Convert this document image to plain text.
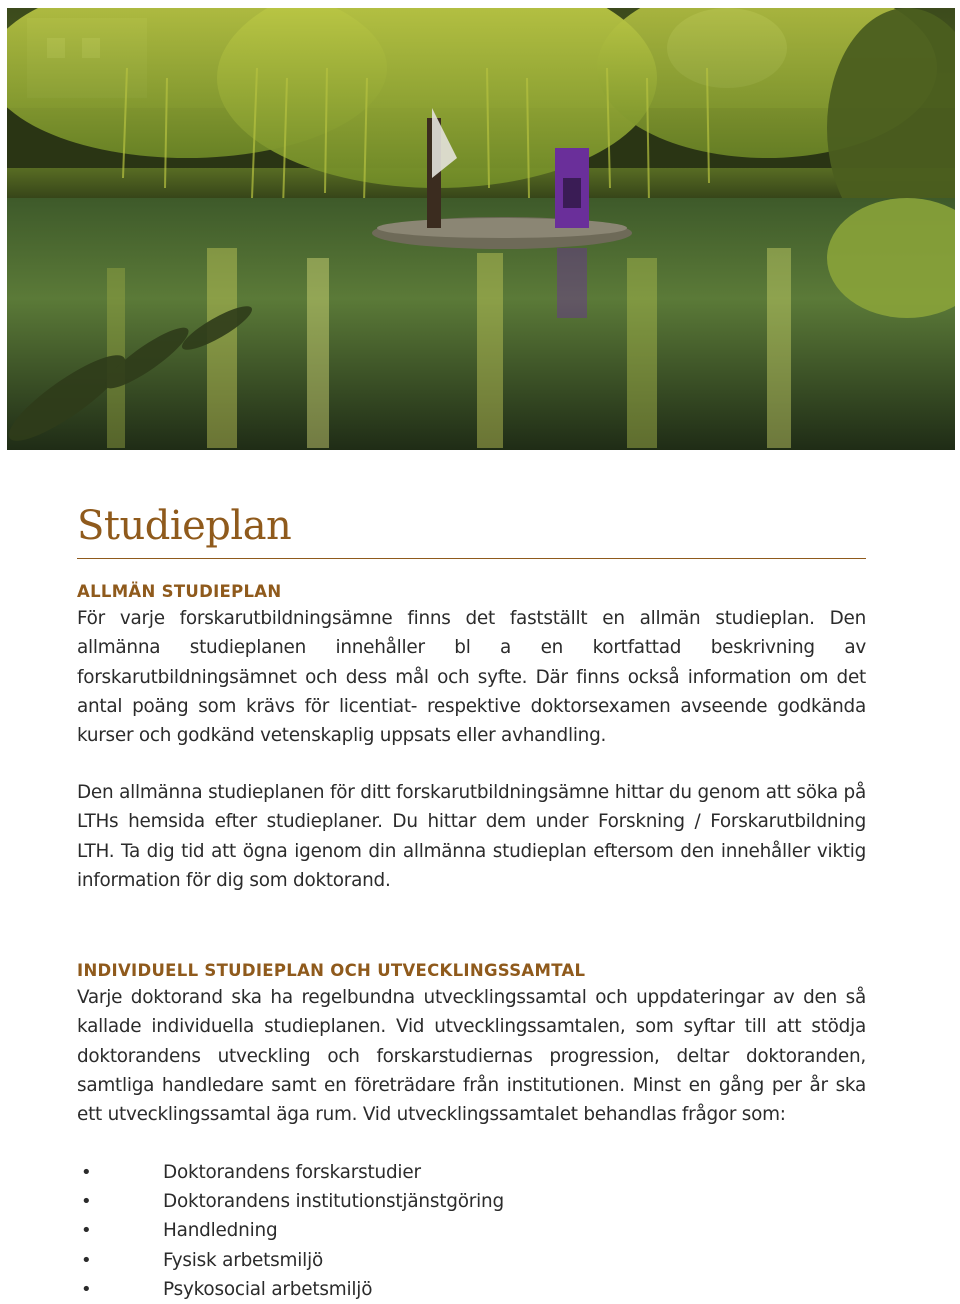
Studieplan
ALLMÄN STUDIEPLAN

För varje forskarutbildningsämne finns det fastställt en allmän studieplan. Den allmänna studieplanen innehåller bl a en kortfattad beskrivning av forskarutbildningsämnet och dess mål och syfte. Där finns också information om det antal poäng som krävs för licentiat- respektive doktorsexamen avseende godkända kurser och godkänd vetenskaplig uppsats eller avhandling.

Den allmänna studieplanen för ditt forskarutbildningsämne hittar du genom att söka på LTHs hemsida efter studieplaner. Du hittar dem under Forskning / Forskarutbildning LTH. Ta dig tid att ögna igenom din allmänna studieplan eftersom den innehåller viktig information för dig som doktorand.

INDIVIDUELL STUDIEPLAN OCH UTVECKLINGSSAMTAL

Varje doktorand ska ha regelbundna utvecklingssamtal och uppdateringar av den så kallade individuella studieplanen. Vid utvecklingssamtalen, som syftar till att stödja doktorandens utveckling och forskarstudiernas progression, deltar doktoranden, samtliga handledare samt en företrädare från institutionen. Minst en gång per år ska ett utvecklingssamtal äga rum. Vid utvecklingssamtalet behandlas frågor som:

•	Doktorandens forskarstudier
•	Doktorandens institutionstjänstgöring
•	Handledning
•	Fysisk arbetsmiljö
•	Psykosocial arbetsmiljö
